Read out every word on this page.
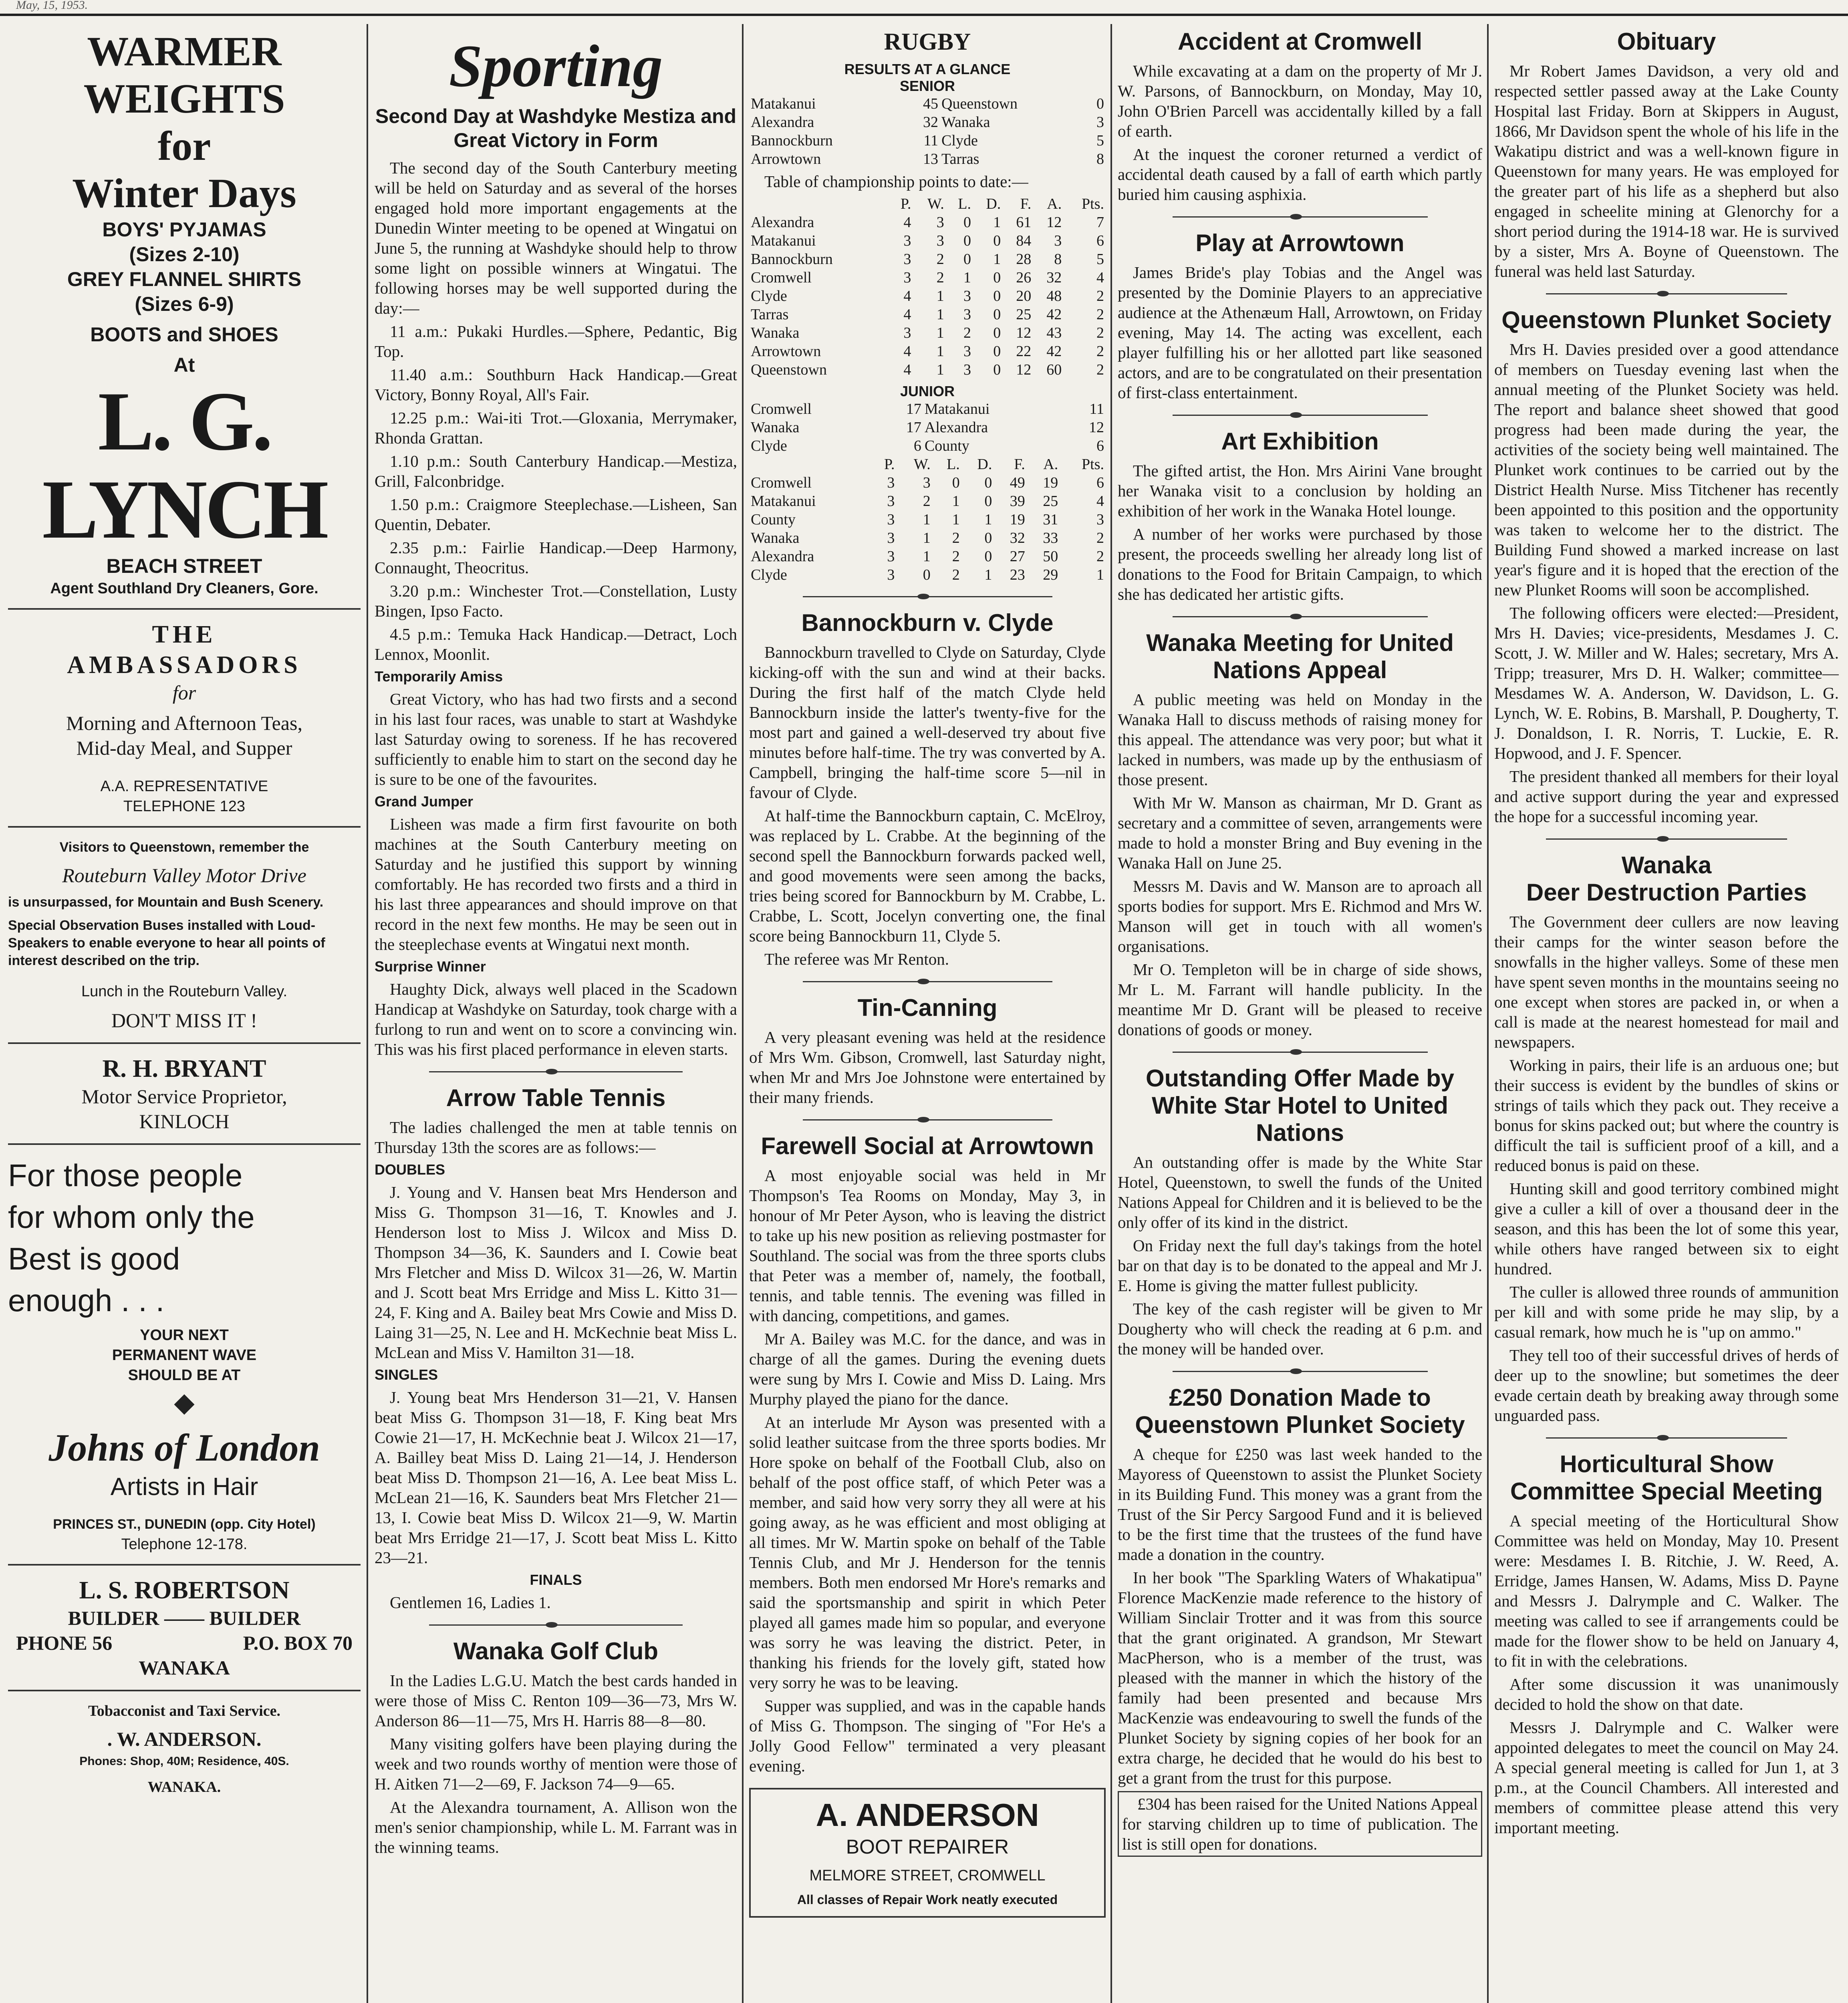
May, 15, 1953.
WARMER
WEIGHTS
for
Winter Days
BOYS' PYJAMAS
(Sizes 2-10)
GREY FLANNEL SHIRTS
(Sizes 6-9)
BOOTS and SHOES
At
L. G. LYNCH
BEACH STREET
Agent Southland Dry Cleaners, Gore.
THE
AMBASSADORS
for
Morning and Afternoon Teas,
Mid-day Meal, and Supper
A.A. REPRESENTATIVE
TELEPHONE 123
Visitors to Queenstown, remember the
Routeburn Valley Motor Drive
is unsurpassed, for Mountain and Bush Scenery.
Special Observation Buses installed with Loud-Speakers to enable everyone to hear all points of interest described on the trip.
Lunch in the Routeburn Valley.
DON'T MISS IT !
R. H. BRYANT
Motor Service Proprietor,
KINLOCH
For those people
for whom only the
Best is good
enough . . .
YOUR NEXT
PERMANENT WAVE
SHOULD BE AT
Johns of London
Artists in Hair
PRINCES ST., DUNEDIN (opp. City Hotel)
Telephone 12-178.
L. S. ROBERTSON
BUILDER —— BUILDER
PHONE 56	P.O. BOX 70
WANAKA
Tobacconist and Taxi Service.
. W. ANDERSON.
Phones: Shop, 40M; Residence, 40S.
WANAKA.
Sporting
Second Day at Washdyke Mestiza and Great Victory in Form

The second day of the South Canterbury meeting will be held on Saturday and as several of the horses engaged hold more important engagements at the Dunedin Winter meeting to be opened at Wingatui on June 5, the running at Washdyke should help to throw some light on possible winners at Wingatui. The following horses may be well supported during the day:—

11 a.m.: Pukaki Hurdles.—Sphere, Pedantic, Big Top.

11.40 a.m.: Southburn Hack Handicap.—Great Victory, Bonny Royal, All's Fair.

12.25 p.m.: Wai-iti Trot.—Gloxania, Merrymaker, Rhonda Grattan.

1.10 p.m.: South Canterbury Handicap.—Mestiza, Grill, Falconbridge.

1.50 p.m.: Craigmore Steeplechase.—Lisheen, San Quentin, Debater.

2.35 p.m.: Fairlie Handicap.—Deep Harmony, Connaught, Theocritus.

3.20 p.m.: Winchester Trot.—Constellation, Lusty Bingen, Ipso Facto.

4.5 p.m.: Temuka Hack Handicap.—Detract, Loch Lennox, Moonlit.

Temporarily Amiss

Great Victory, who has had two firsts and a second in his last four races, was unable to start at Washdyke last Saturday owing to soreness. If he has recovered sufficiently to enable him to start on the second day he is sure to be one of the favourites.

Grand Jumper

Lisheen was made a firm first favourite on both machines at the South Canterbury meeting on Saturday and he justified this support by winning comfortably. He has recorded two firsts and a third in his last three appearances and should improve on that record in the next few months. He may be seen out in the steeplechase events at Wingatui next month.

Surprise Winner

Haughty Dick, always well placed in the Scadown Handicap at Washdyke on Saturday, took charge with a furlong to run and went on to score a convincing win. This was his first placed performance in eleven starts.

Arrow Table Tennis

The ladies challenged the men at table tennis on Thursday 13th the scores are as follows:—

DOUBLES

J. Young and V. Hansen beat Mrs Henderson and Miss G. Thompson 31—16, T. Knowles and J. Henderson lost to Miss J. Wilcox and Miss D. Thompson 34—36, K. Saunders and I. Cowie beat Mrs Fletcher and Miss D. Wilcox 31—26, W. Martin and J. Scott beat Mrs Erridge and Miss L. Kitto 31—24, F. King and A. Bailey beat Mrs Cowie and Miss D. Laing 31—25, N. Lee and H. McKechnie beat Miss L. McLean and Miss V. Hamilton 31—18.

SINGLES

J. Young beat Mrs Henderson 31—21, V. Hansen beat Miss G. Thompson 31—18, F. King beat Mrs Cowie 21—17, H. McKechnie beat J. Wilcox 21—17, A. Bailley beat Miss D. Laing 21—14, J. Henderson beat Miss D. Thompson 21—16, A. Lee beat Miss L. McLean 21—16, K. Saunders beat Mrs Fletcher 21—13, I. Cowie beat Miss D. Wilcox 21—9, W. Martin beat Mrs Erridge 21—17, J. Scott beat Miss L. Kitto 23—21.

FINALS

Gentlemen 16, Ladies 1.

Wanaka Golf Club

In the Ladies L.G.U. Match the best cards handed in were those of Miss C. Renton 109—36—73, Mrs W. Anderson 86—11—75, Mrs H. Harris 88—8—80.

Many visiting golfers have been playing during the week and two rounds worthy of mention were those of H. Aitken 71—2—69, F. Jackson 74—9—65.

At the Alexandra tournament, A. Allison won the men's senior championship, while L. M. Farrant was in the winning teams.

RUGBY
RESULTS AT A GLANCE
SENIOR
Matakanui	45	Queenstown	0
Alexandra	32	Wanaka	3
Bannockburn	11	Clyde	5
Arrowtown	13	Tarras	8

Table of championship points to date:—

	P.	W.	L.	D.	F.	A.	Pts.
Alexandra	4	3	0	1	61	12	7
Matakanui	3	3	0	0	84	3	6
Bannockburn	3	2	0	1	28	8	5
Cromwell	3	2	1	0	26	32	4
Clyde	4	1	3	0	20	48	2
Tarras	4	1	3	0	25	42	2
Wanaka	3	1	2	0	12	43	2
Arrowtown	4	1	3	0	22	42	2
Queenstown	4	1	3	0	12	60	2
JUNIOR
Cromwell	17	Matakanui	11
Wanaka	17	Alexandra	12
Clyde	6	County	6
	P.	W.	L.	D.	F.	A.	Pts.
Cromwell	3	3	0	0	49	19	6
Matakanui	3	2	1	0	39	25	4
County	3	1	1	1	19	31	3
Wanaka	3	1	2	0	32	33	2
Alexandra	3	1	2	0	27	50	2
Clyde	3	0	2	1	23	29	1
Bannockburn v. Clyde

Bannockburn travelled to Clyde on Saturday, Clyde kicking-off with the sun and wind at their backs. During the first half of the match Clyde held Bannockburn inside the latter's twenty-five for the most part and gained a well-deserved try about five minutes before half-time. The try was converted by A. Campbell, bringing the half-time score 5—nil in favour of Clyde.

At half-time the Bannockburn captain, C. McElroy, was replaced by L. Crabbe. At the beginning of the second spell the Bannockburn forwards packed well, and good movements were seen among the backs, tries being scored for Bannockburn by M. Crabbe, L. Crabbe, L. Scott, Jocelyn converting one, the final score being Bannockburn 11, Clyde 5.

The referee was Mr Renton.

Tin-Canning

A very pleasant evening was held at the residence of Mrs Wm. Gibson, Cromwell, last Saturday night, when Mr and Mrs Joe Johnstone were entertained by their many friends.

Farewell Social at Arrowtown

A most enjoyable social was held in Mr Thompson's Tea Rooms on Monday, May 3, in honour of Mr Peter Ayson, who is leaving the district to take up his new position as relieving postmaster for Southland. The social was from the three sports clubs that Peter was a member of, namely, the football, tennis, and table tennis. The evening was filled in with dancing, competitions, and games.

Mr A. Bailey was M.C. for the dance, and was in charge of all the games. During the evening duets were sung by Mrs I. Cowie and Miss D. Laing. Mrs Murphy played the piano for the dance.

At an interlude Mr Ayson was presented with a solid leather suitcase from the three sports bodies. Mr Hore spoke on behalf of the Football Club, also on behalf of the post office staff, of which Peter was a member, and said how very sorry they all were at his going away, as he was efficient and most obliging at all times. Mr W. Martin spoke on behalf of the Table Tennis Club, and Mr J. Henderson for the tennis members. Both men endorsed Mr Hore's remarks and said the sportsmanship and spirit in which Peter played all games made him so popular, and everyone was sorry he was leaving the district. Peter, in thanking his friends for the lovely gift, stated how very sorry he was to be leaving.

Supper was supplied, and was in the capable hands of Miss G. Thompson. The singing of "For He's a Jolly Good Fellow" terminated a very pleasant evening.

A. ANDERSON
BOOT REPAIRER
MELMORE STREET, CROMWELL
All classes of Repair Work neatly executed
Accident at Cromwell

While excavating at a dam on the property of Mr J. W. Parsons, of Bannockburn, on Monday, May 10, John O'Brien Parcell was accidentally killed by a fall of earth.

At the inquest the coroner returned a verdict of accidental death caused by a fall of earth which partly buried him causing asphixia.

Play at Arrowtown

James Bride's play Tobias and the Angel was presented by the Dominie Players to an appreciative audience at the Athenæum Hall, Arrowtown, on Friday evening, May 14. The acting was excellent, each player fulfilling his or her allotted part like seasoned actors, and are to be congratulated on their presentation of first-class entertainment.

Art Exhibition

The gifted artist, the Hon. Mrs Airini Vane brought her Wanaka visit to a conclusion by holding an exhibition of her work in the Wanaka Hotel lounge.

A number of her works were purchased by those present, the proceeds swelling her already long list of donations to the Food for Britain Campaign, to which she has dedicated her artistic gifts.

Wanaka Meeting for United Nations Appeal

A public meeting was held on Monday in the Wanaka Hall to discuss methods of raising money for this appeal. The attendance was very poor; but what it lacked in numbers, was made up by the enthusiasm of those present.

With Mr W. Manson as chairman, Mr D. Grant as secretary and a committee of seven, arrangements were made to hold a monster Bring and Buy evening in the Wanaka Hall on June 25.

Messrs M. Davis and W. Manson are to aproach all sports bodies for support. Mrs E. Richmod and Mrs W. Manson will get in touch with all women's organisations.

Mr O. Templeton will be in charge of side shows, Mr L. M. Farrant will handle publicity. In the meantime Mr D. Grant will be pleased to receive donations of goods or money.

Outstanding Offer Made by White Star Hotel to United Nations

An outstanding offer is made by the White Star Hotel, Queenstown, to swell the funds of the United Nations Appeal for Children and it is believed to be the only offer of its kind in the district.

On Friday next the full day's takings from the hotel bar on that day is to be donated to the appeal and Mr J. E. Home is giving the matter fullest publicity.

The key of the cash register will be given to Mr Dougherty who will check the reading at 6 p.m. and the money will be handed over.

£250 Donation Made to Queenstown Plunket Society

A cheque for £250 was last week handed to the Mayoress of Queenstown to assist the Plunket Society in its Building Fund. This money was a grant from the Trust of the Sir Percy Sargood Fund and it is believed to be the first time that the trustees of the fund have made a donation in the country.

In her book "The Sparkling Waters of Whakatipua" Florence MacKenzie made reference to the history of William Sinclair Trotter and it was from this source that the grant originated. A grandson, Mr Stewart MacPherson, who is a member of the trust, was pleased with the manner in which the history of the family had been presented and because Mrs MacKenzie was endeavouring to swell the funds of the Plunket Society by signing copies of her book for an extra charge, he decided that he would do his best to get a grant from the trust for this purpose.

£304 has been raised for the United Nations Appeal for starving children up to time of publication. The list is still open for donations.

Obituary

Mr Robert James Davidson, a very old and respected settler passed away at the Lake County Hospital last Friday. Born at Skippers in August, 1866, Mr Davidson spent the whole of his life in the Wakatipu district and was a well-known figure in Queenstown for many years. He was employed for the greater part of his life as a shepherd but also engaged in scheelite mining at Glenorchy for a short period during the 1914-18 war. He is survived by a sister, Mrs A. Boyne of Queenstown. The funeral was held last Saturday.

Queenstown Plunket Society

Mrs H. Davies presided over a good attendance of members on Tuesday evening last when the annual meeting of the Plunket Society was held. The report and balance sheet showed that good progress had been made during the year, the activities of the society being well maintained. The Plunket work continues to be carried out by the District Health Nurse. Miss Titchener has recently been appointed to this position and the opportunity was taken to welcome her to the district. The Building Fund showed a marked increase on last year's figure and it is hoped that the erection of the new Plunket Rooms will soon be accomplished.

The following officers were elected:—President, Mrs H. Davies; vice-presidents, Mesdames J. C. Scott, J. W. Miller and W. Hales; secretary, Mrs A. Tripp; treasurer, Mrs D. H. Walker; committee—Mesdames W. A. Anderson, W. Davidson, L. G. Lynch, W. E. Robins, B. Marshall, P. Dougherty, T. J. Donaldson, I. R. Norris, T. Luckie, E. R. Hopwood, and J. F. Spencer.

The president thanked all members for their loyal and active support during the year and expressed the hope for a successful incoming year.

Wanaka
Deer Destruction Parties

The Government deer cullers are now leaving their camps for the winter season before the snowfalls in the higher valleys. Some of these men have spent seven months in the mountains seeing no one except when stores are packed in, or when a call is made at the nearest homestead for mail and newspapers.

Working in pairs, their life is an arduous one; but their success is evident by the bundles of skins or strings of tails which they pack out. They receive a bonus for skins packed out; but where the country is difficult the tail is sufficient proof of a kill, and a reduced bonus is paid on these.

Hunting skill and good territory combined might give a culler a kill of over a thousand deer in the season, and this has been the lot of some this year, while others have ranged between six to eight hundred.

The culler is allowed three rounds of ammunition per kill and with some pride he may slip, by a casual remark, how much he is "up on ammo."

They tell too of their successful drives of herds of deer up to the snowline; but sometimes the deer evade certain death by breaking away through some unguarded pass.

Horticultural Show Committee Special Meeting

A special meeting of the Horticultural Show Committee was held on Monday, May 10. Present were: Mesdames I. B. Ritchie, J. W. Reed, A. Erridge, James Hansen, W. Adams, Miss D. Payne and Messrs J. Dalrymple and C. Walker. The meeting was called to see if arrangements could be made for the flower show to be held on January 4, to fit in with the celebrations.

After some discussion it was unanimously decided to hold the show on that date.

Messrs J. Dalrymple and C. Walker were appointed delegates to meet the council on May 24. A special general meeting is called for Jun 1, at 3 p.m., at the Council Chambers. All interested and members of committee please attend this very important meeting.
